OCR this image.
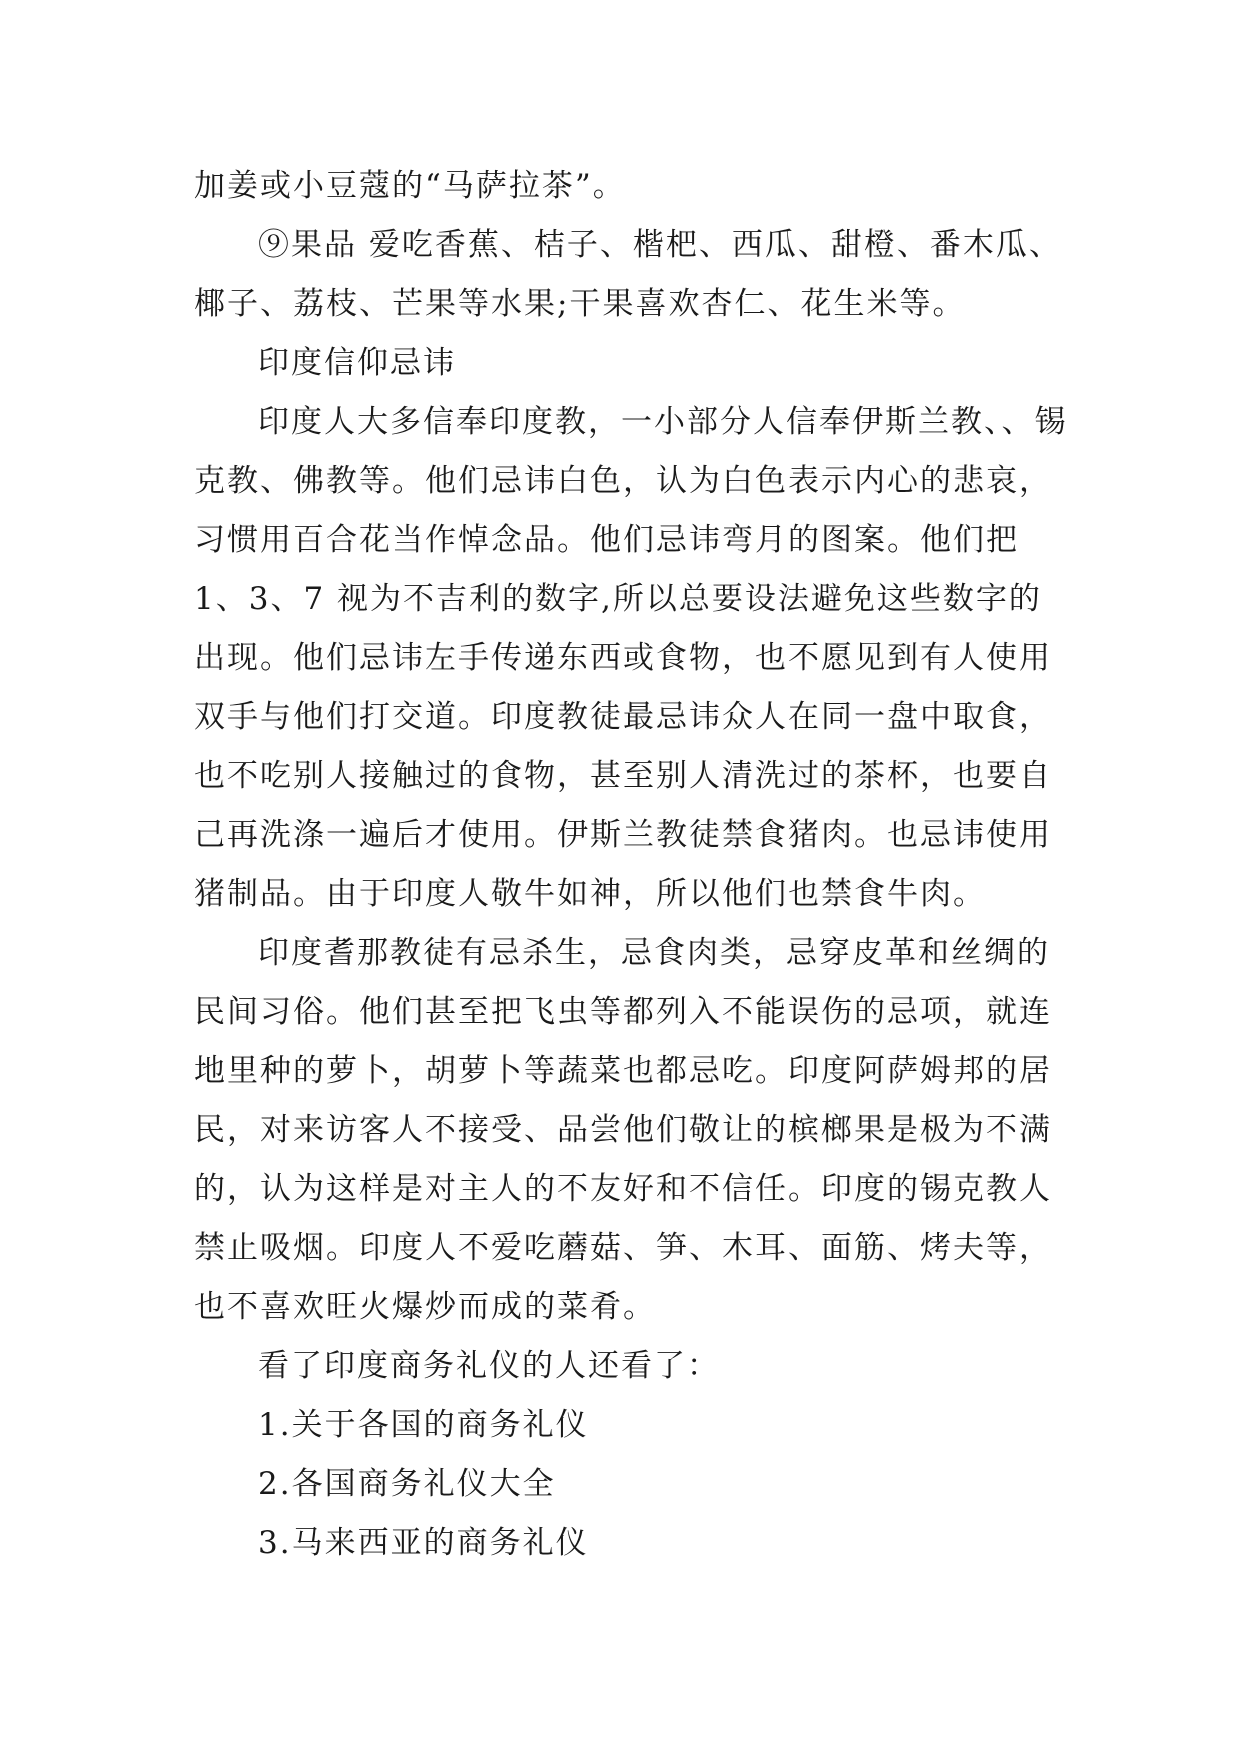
加姜或小豆蔻的“马萨拉茶”。

⑨果品 爱吃香蕉、桔子、楷杷、西瓜、甜橙、番木瓜、椰子、荔枝、芒果等水果;干果喜欢杏仁、花生米等。

印度信仰忌讳

印度人大多信奉印度教，一小部分人信奉伊斯兰教、、锡克教、佛教等。他们忌讳白色，认为白色表示内心的悲哀，习惯用百合花当作悼念品。他们忌讳弯月的图案。他们把 1、3、7 视为不吉利的数字,所以总要设法避免这些数字的出现。他们忌讳左手传递东西或食物，也不愿见到有人使用双手与他们打交道。印度教徒最忌讳众人在同一盘中取食，也不吃别人接触过的食物，甚至别人清洗过的茶杯，也要自己再洗涤一遍后才使用。伊斯兰教徒禁食猪肉。也忌讳使用猪制品。由于印度人敬牛如神，所以他们也禁食牛肉。

印度耆那教徒有忌杀生，忌食肉类，忌穿皮革和丝绸的民间习俗。他们甚至把飞虫等都列入不能误伤的忌项，就连地里种的萝卜，胡萝卜等蔬菜也都忌吃。印度阿萨姆邦的居民，对来访客人不接受、品尝他们敬让的槟榔果是极为不满的，认为这样是对主人的不友好和不信任。印度的锡克教人禁止吸烟。印度人不爱吃蘑菇、笋、木耳、面筋、烤夫等，也不喜欢旺火爆炒而成的菜肴。

看了印度商务礼仪的人还看了：

1.关于各国的商务礼仪

2.各国商务礼仪大全

3.马来西亚的商务礼仪
